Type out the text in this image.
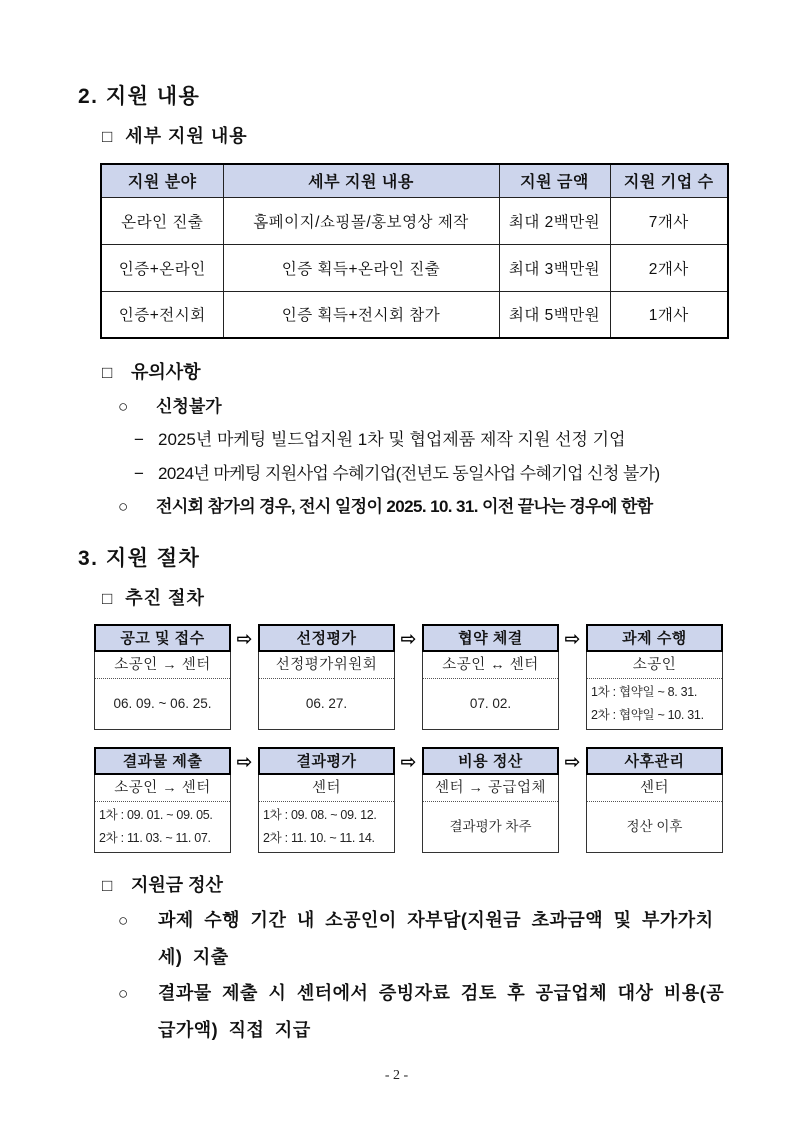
2. 지원 내용
□ 세부 지원 내용
지원 분야	세부 지원 내용	지원 금액	지원 기업 수
온라인 진출	홈페이지/쇼핑몰/홍보영상 제작	최대 2백만원	7개사
인증+온라인	인증 획득+온라인 진출	최대 3백만원	2개사
인증+전시회	인증 획득+전시회 참가	최대 5백만원	1개사
□	유의사항
○	신청불가
− 2025년 마케팅 빌드업지원 1차 및 협업제품 제작 지원 선정 기업
− 2024년 마케팅 지원사업 수혜기업(전년도 동일사업 수혜기업 신청 불가)
○	전시회 참가의 경우, 전시 일정이 2025. 10. 31. 이전 끝나는 경우에 한함
3. 지원 절차
□ 추진 절차
공고 및 접수
소공인 → 센터
06. 09. ~ 06. 25.
⇨	선정평가
선정평가위원회
06. 27.
⇨	협약 체결
소공인 ↔ 센터
07. 02.
⇨	과제 수행
소공인
1차 : 협약일 ~ 8. 31.
2차 : 협약일 ~ 10. 31.
결과물 제출
소공인 → 센터
1차 : 09. 01. ~ 09. 05.
2차 : 11. 03. ~ 11. 07.
⇨	결과평가
센터
1차 : 09. 08. ~ 09. 12.
2차 : 11. 10. ~ 11. 14.
⇨	비용 정산
센터 → 공급업체
결과평가 차주
⇨	사후관리
센터
정산 이후
□	지원금 정산
○	과제 수행 기간 내 소공인이 자부담(지원금 초과금액 및 부가가치세) 지출
○	결과물 제출 시 센터에서 증빙자료 검토 후 공급업체 대상 비용(공급가액) 직접 지급
- 2 -
